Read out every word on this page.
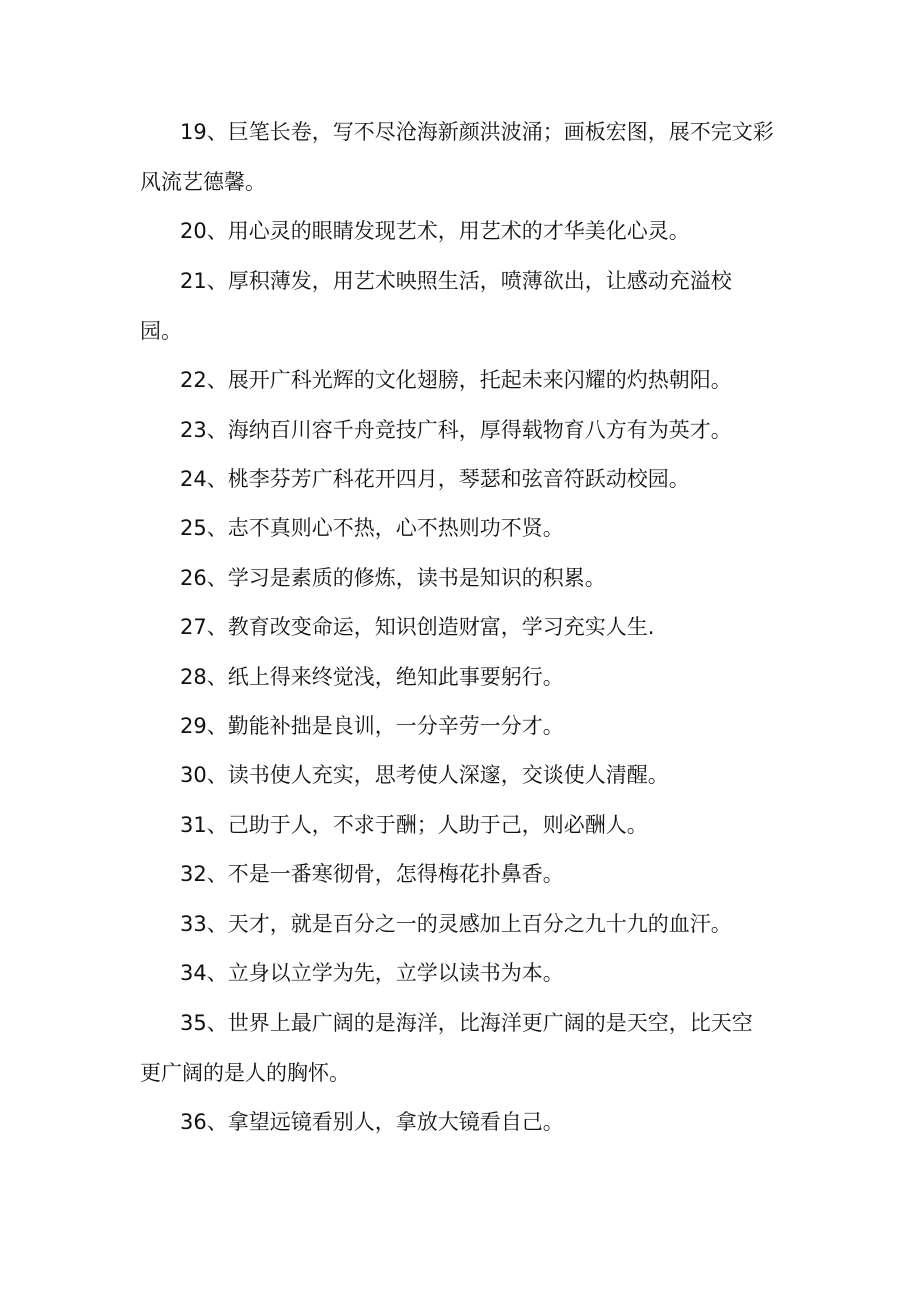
19、巨笔长卷，写不尽沧海新颜洪波涌；画板宏图，展不完文彩
风流艺德馨。
20、用心灵的眼睛发现艺术，用艺术的才华美化心灵。
21、厚积薄发，用艺术映照生活，喷薄欲出，让感动充溢校
园。
22、展开广科光辉的文化翅膀，托起未来闪耀的灼热朝阳。
23、海纳百川容千舟竞技广科，厚得载物育八方有为英才。
24、桃李芬芳广科花开四月，琴瑟和弦音符跃动校园。
25、志不真则心不热，心不热则功不贤。
26、学习是素质的修炼，读书是知识的积累。
27、教育改变命运，知识创造财富，学习充实人生.
28、纸上得来终觉浅，绝知此事要躬行。
29、勤能补拙是良训，一分辛劳一分才。
30、读书使人充实，思考使人深邃，交谈使人清醒。
31、己助于人，不求于酬；人助于己，则必酬人。
32、不是一番寒彻骨，怎得梅花扑鼻香。
33、天才，就是百分之一的灵感加上百分之九十九的血汗。
34、立身以立学为先，立学以读书为本。
35、世界上最广阔的是海洋，比海洋更广阔的是天空，比天空
更广阔的是人的胸怀。
36、拿望远镜看别人，拿放大镜看自己。
